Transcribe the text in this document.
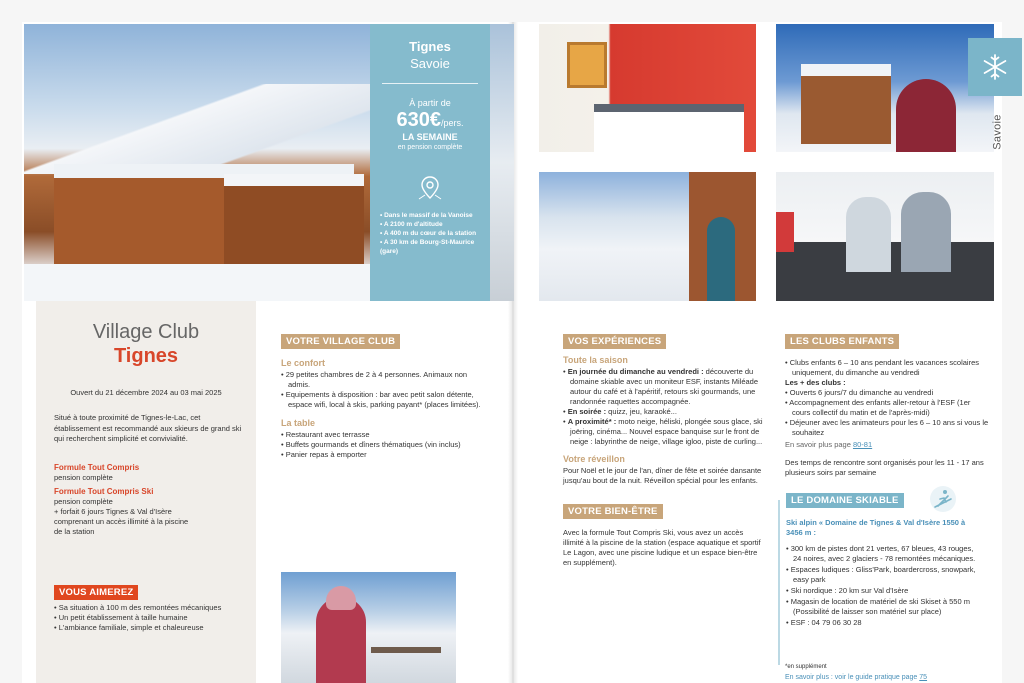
Tignes
Savoie
À partir de
630€/pers.
LA SEMAINE
en pension complète
• Dans le massif de la Vanoise
• A 2100 m d'altitude
• A 400 m du cœur de la station
• A 30 km de Bourg-St-Maurice (gare)
Savoie
Village Club
Tignes
Ouvert du 21 décembre 2024 au 03 mai 2025
Situé à toute proximité de Tignes-le-Lac, cet établissement est recommandé aux skieurs de grand ski qui recherchent simplicité et convivialité.
Formule Tout Compris
pension complète
Formule Tout Compris Ski
pension complète
+ forfait 6 jours Tignes & Val d'Isère
comprenant un accès illimité à la piscine
de la station
VOUS AIMEREZ
• Sa situation à 100 m des remontées mécaniques
• Un petit établissement à taille humaine
• L'ambiance familiale, simple et chaleureuse
VOTRE VILLAGE CLUB
Le confort
• 29 petites chambres de 2 à 4 personnes. Animaux non admis.
• Equipements à disposition : bar avec petit salon détente, espace wifi, local à skis, parking payant* (places limitées).
La table
• Restaurant avec terrasse
• Buffets gourmands et dîners thématiques (vin inclus)
• Panier repas à emporter
VOS EXPÉRIENCES
Toute la saison
• En journée du dimanche au vendredi : découverte du domaine skiable avec un moniteur ESF, instants Miléade autour du café et à l'apéritif, retours ski gourmands, une randonnée raquettes accompagnée.
• En soirée : quizz, jeu, karaoké...
• A proximité* : moto neige, héliski, plongée sous glace, ski joëring, cinéma... Nouvel espace banquise sur le front de neige : labyrinthe de neige, village igloo, piste de curling...
Votre réveillon
Pour Noël et le jour de l'an, dîner de fête et soirée dansante jusqu'au bout de la nuit. Réveillon spécial pour les enfants.
VOTRE BIEN-ÊTRE
Avec la formule Tout Compris Ski, vous avez un accès illimité à la piscine de la station (espace aquatique et sportif Le Lagon, avec une piscine ludique et un espace bien-être en supplément).
LES CLUBS ENFANTS
• Clubs enfants 6 – 10 ans pendant les vacances scolaires uniquement, du dimanche au vendredi
Les + des clubs :
• Ouverts 6 jours/7 du dimanche au vendredi
• Accompagnement des enfants aller-retour à l'ESF (1er cours collectif du matin et de l'après-midi)
• Déjeuner avec les animateurs pour les 6 – 10 ans si vous le souhaitez
En savoir plus page 80-81
Des temps de rencontre sont organisés pour les 11 - 17 ans plusieurs soirs par semaine
LE DOMAINE SKIABLE
Ski alpin « Domaine de Tignes & Val d'Isère 1550 à 3456 m :
• 300 km de pistes dont 21 vertes, 67 bleues, 43 rouges, 24 noires, avec 2 glaciers - 78 remontées mécaniques.
• Espaces ludiques : Gliss'Park, boardercross, snowpark, easy park
• Ski nordique : 20 km sur Val d'Isère
• Magasin de location de matériel de ski Skiset à 550 m (Possibilité de laisser son matériel sur place)
• ESF : 04 79 06 30 28
*en supplément
En savoir plus : voir le guide pratique page 75
